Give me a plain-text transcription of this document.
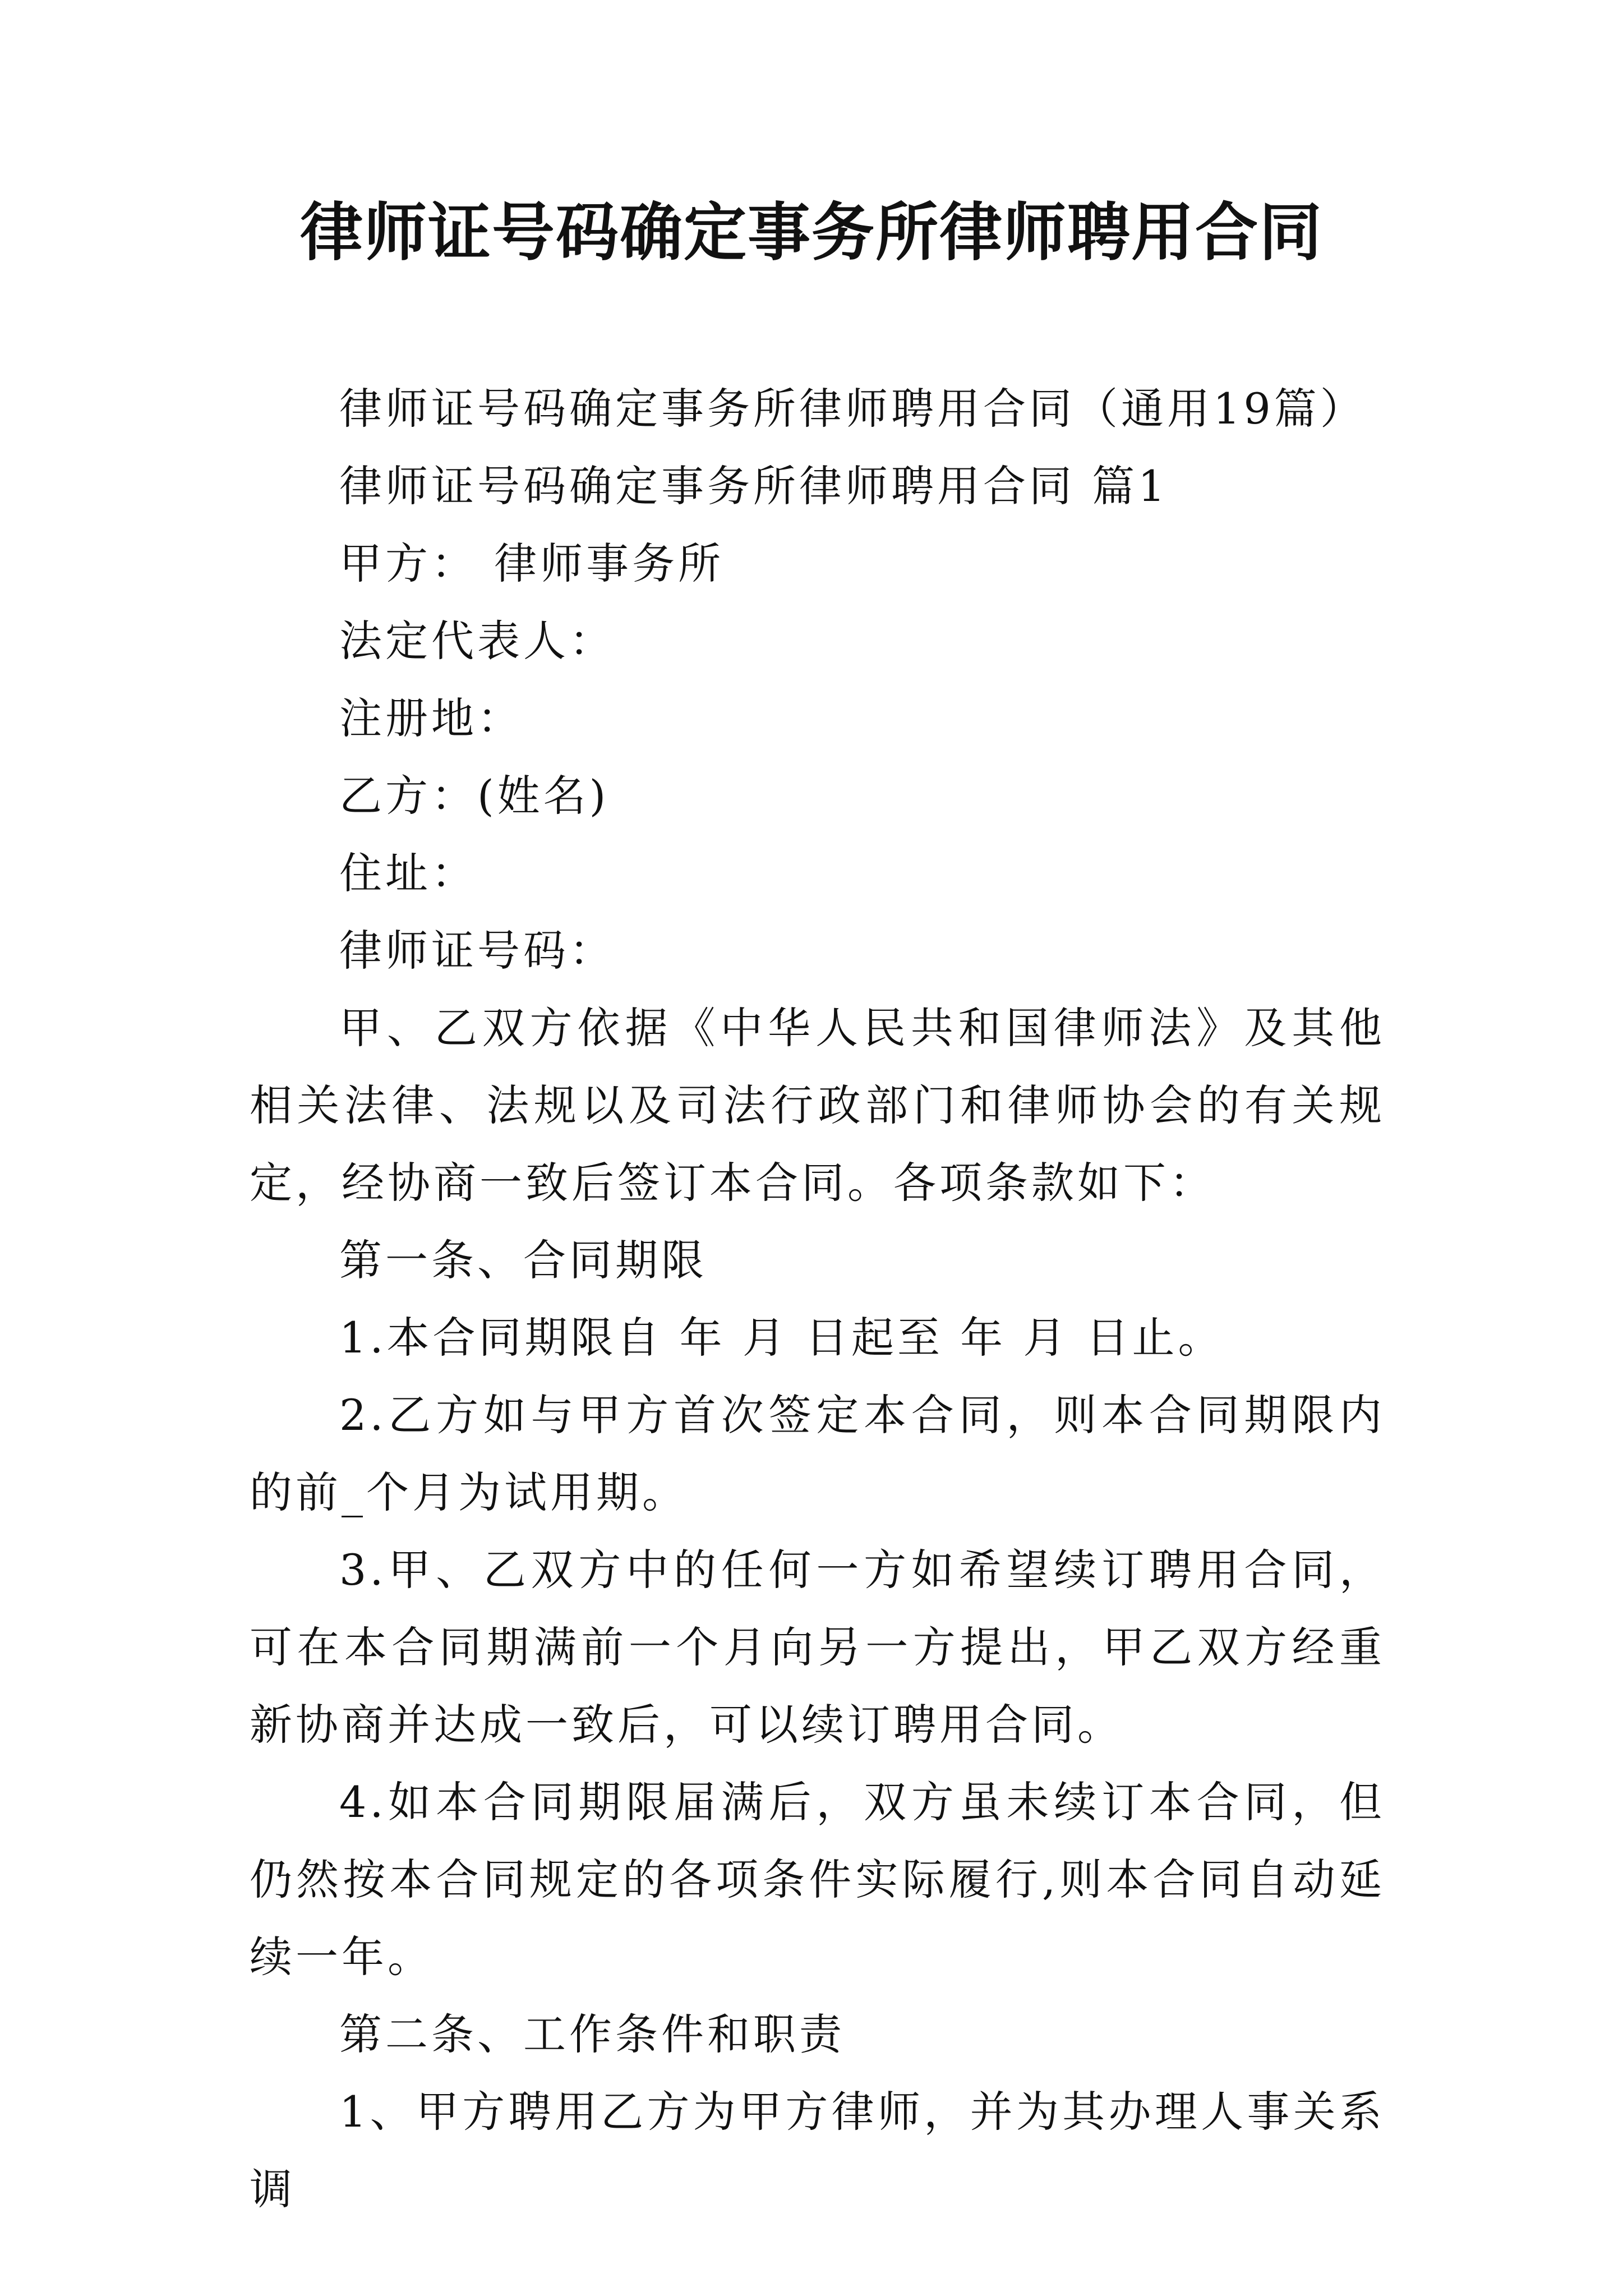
律师证号码确定事务所律师聘用合同

律师证号码确定事务所律师聘用合同（通用19篇）

律师证号码确定事务所律师聘用合同 篇1

甲方： 律师事务所

法定代表人：

注册地：

乙方：(姓名)

住址：

律师证号码：

甲、乙双方依据《中华人民共和国律师法》及其他相关法律、法规以及司法行政部门和律师协会的有关规定，经协商一致后签订本合同。各项条款如下：

第一条、合同期限

1.本合同期限自 年 月 日起至 年 月 日止。

2.乙方如与甲方首次签定本合同，则本合同期限内的前_个月为试用期。

3.甲、乙双方中的任何一方如希望续订聘用合同，可在本合同期满前一个月向另一方提出，甲乙双方经重新协商并达成一致后，可以续订聘用合同。

4.如本合同期限届满后，双方虽未续订本合同，但仍然按本合同规定的各项条件实际履行,则本合同自动延续一年。

第二条、工作条件和职责

1、甲方聘用乙方为甲方律师，并为其办理人事关系调
